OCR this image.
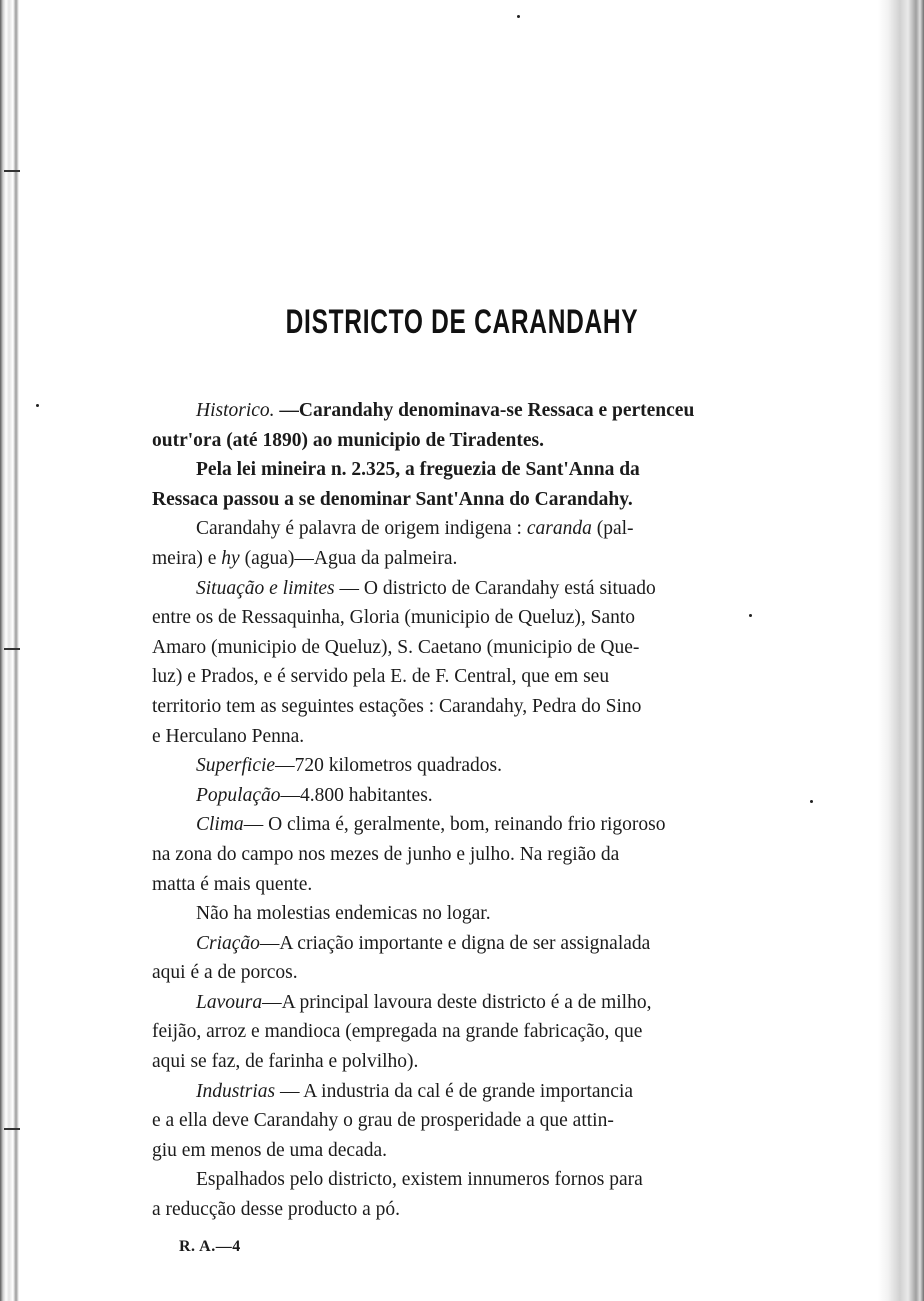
DISTRICTO DE CARANDAHY
Historico. —Carandahy denominava-se Ressaca e pertenceu
outr'ora (até 1890) ao municipio de Tiradentes.
Pela lei mineira n. 2.325, a freguezia de Sant'Anna da
Ressaca passou a se denominar Sant'Anna do Carandahy.
Carandahy é palavra de origem indigena : caranda (pal-
meira) e hy (agua)—Agua da palmeira.
Situação e limites — O districto de Carandahy está situado
entre os de Ressaquinha, Gloria (municipio de Queluz), Santo
Amaro (municipio de Queluz), S. Caetano (municipio de Que-
luz) e Prados, e é servido pela E. de F. Central, que em seu
territorio tem as seguintes estações : Carandahy, Pedra do Sino
e Herculano Penna.
Superficie—720 kilometros quadrados.
População—4.800 habitantes.
Clima— O clima é, geralmente, bom, reinando frio rigoroso
na zona do campo nos mezes de junho e julho. Na região da
matta é mais quente.
Não ha molestias endemicas no logar.
Criação—A criação importante e digna de ser assignalada
aqui é a de porcos.
Lavoura—A principal lavoura deste districto é a de milho,
feijão, arroz e mandioca (empregada na grande fabricação, que
aqui se faz, de farinha e polvilho).
Industrias — A industria da cal é de grande importancia
e a ella deve Carandahy o grau de prosperidade a que attin-
giu em menos de uma decada.
Espalhados pelo districto, existem innumeros fornos para
a reducção desse producto a pó.
R. A.—4
